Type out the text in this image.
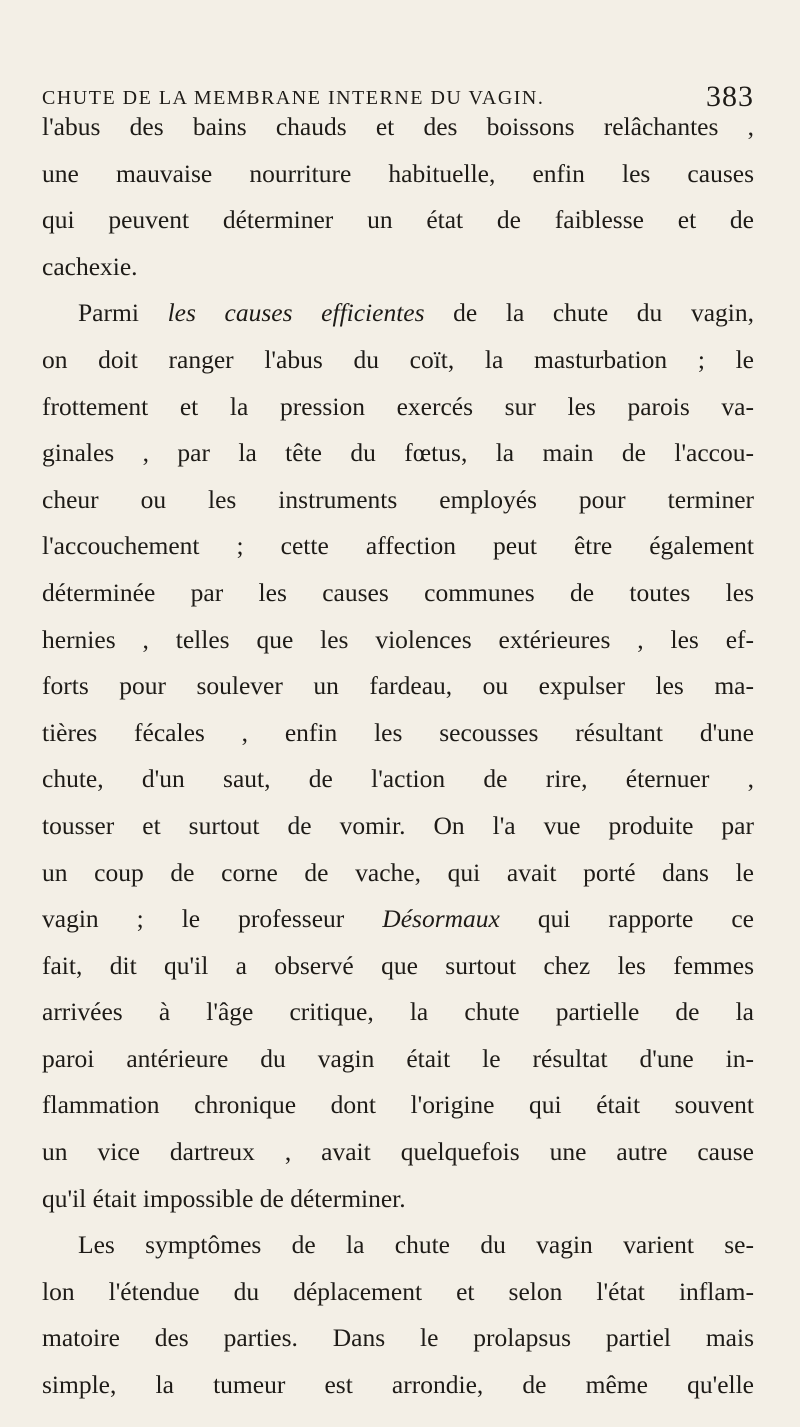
CHUTE DE LA MEMBRANE INTERNE DU VAGIN.	383
l'abus des bains chauds et des boissons relâchantes ,
une mauvaise nourriture habituelle, enfin les causes
qui peuvent déterminer un état de faiblesse et de
cachexie.
Parmi les causes efficientes de la chute du vagin,
on doit ranger l'abus du coït, la masturbation ; le
frottement et la pression exercés sur les parois va-
ginales , par la tête du fœtus, la main de l'accou-
cheur ou les instruments employés pour terminer
l'accouchement ; cette affection peut être également
déterminée par les causes communes de toutes les
hernies , telles que les violences extérieures , les ef-
forts pour soulever un fardeau, ou expulser les ma-
tières fécales , enfin les secousses résultant d'une
chute, d'un saut, de l'action de rire, éternuer ,
tousser et surtout de vomir. On l'a vue produite par
un coup de corne de vache, qui avait porté dans le
vagin ; le professeur Désormaux qui rapporte ce
fait, dit qu'il a observé que surtout chez les femmes
arrivées à l'âge critique, la chute partielle de la
paroi antérieure du vagin était le résultat d'une in-
flammation chronique dont l'origine qui était souvent
un vice dartreux , avait quelquefois une autre cause
qu'il était impossible de déterminer.
Les symptômes de la chute du vagin varient se-
lon l'étendue du déplacement et selon l'état inflam-
matoire des parties. Dans le prolapsus partiel mais
simple, la tumeur est arrondie, de même qu'elle
